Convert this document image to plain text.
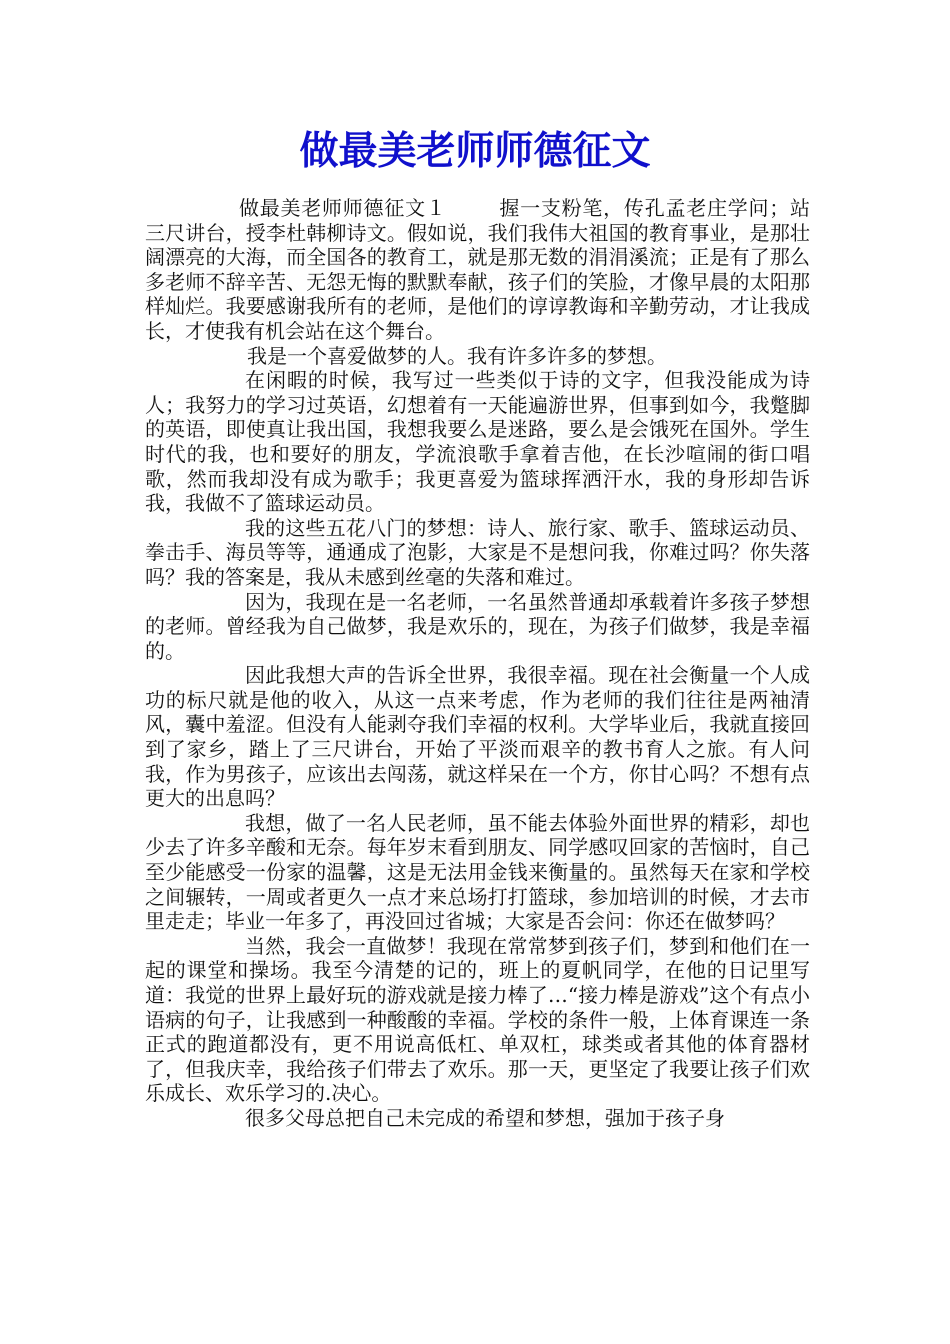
做最美老师师德征文

做最美老师师德征文１	握一支粉笔，传孔孟老庄学问；站三尺讲台，授李杜韩柳诗文。假如说，我们我伟大祖国的教育事业，是那壮阔漂亮的大海，而全国各的教育工，就是那无数的涓涓溪流；正是有了那么多老师不辞辛苦、无怨无悔的默默奉献，孩子们的笑脸，才像早晨的太阳那样灿烂。我要感谢我所有的老师，是他们的谆谆教诲和辛勤劳动，才让我成长，才使我有机会站在这个舞台。

我是一个喜爱做梦的人。我有许多许多的梦想。

在闲暇的时候，我写过一些类似于诗的文字，但我没能成为诗人；我努力的学习过英语，幻想着有一天能遍游世界，但事到如今，我蹩脚的英语，即使真让我出国，我想我要么是迷路，要么是会饿死在国外。学生时代的我，也和要好的朋友，学流浪歌手拿着吉他，在长沙喧闹的街口唱歌，然而我却没有成为歌手；我更喜爱为篮球挥洒汗水，我的身形却告诉我，我做不了篮球运动员。

我的这些五花八门的梦想：诗人、旅行家、歌手、篮球运动员、拳击手、海员等等，通通成了泡影，大家是不是想问我，你难过吗？你失落吗？我的答案是，我从未感到丝毫的失落和难过。

因为，我现在是一名老师，一名虽然普通却承载着许多孩子梦想的老师。曾经我为自己做梦，我是欢乐的，现在，为孩子们做梦，我是幸福的。

因此我想大声的告诉全世界，我很幸福。现在社会衡量一个人成功的标尺就是他的收入，从这一点来考虑，作为老师的我们往往是两袖清风，囊中羞涩。但没有人能剥夺我们幸福的权利。大学毕业后，我就直接回到了家乡，踏上了三尺讲台，开始了平淡而艰辛的教书育人之旅。有人问我，作为男孩子，应该出去闯荡，就这样呆在一个方，你甘心吗？不想有点更大的出息吗？

我想，做了一名人民老师，虽不能去体验外面世界的精彩，却也少去了许多辛酸和无奈。每年岁末看到朋友、同学感叹回家的苦恼时，自己至少能感受一份家的温馨，这是无法用金钱来衡量的。虽然每天在家和学校之间辗转，一周或者更久一点才来总场打打篮球，参加培训的时候，才去市里走走；毕业一年多了，再没回过省城；大家是否会问：你还在做梦吗？

当然，我会一直做梦！我现在常常梦到孩子们，梦到和他们在一起的课堂和操场。我至今清楚的记的，班上的夏帆同学，在他的日记里写道：我觉的世界上最好玩的游戏就是接力棒了…“接力棒是游戏”这个有点小语病的句子，让我感到一种酸酸的幸福。学校的条件一般，上体育课连一条正式的跑道都没有，更不用说高低杠、单双杠，球类或者其他的体育器材了，但我庆幸，我给孩子们带去了欢乐。那一天，更坚定了我要让孩子们欢乐成长、欢乐学习的.决心。

很多父母总把自己未完成的希望和梦想，强加于孩子身
